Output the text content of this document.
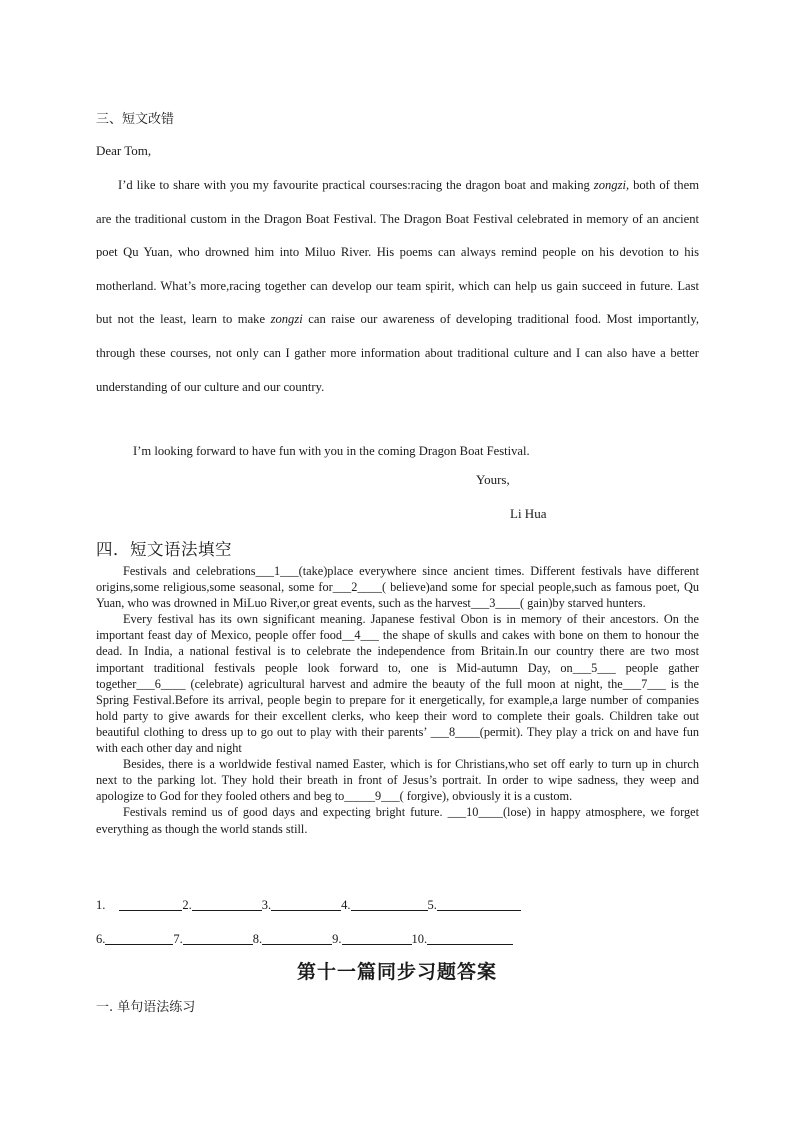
三、短文改错
Dear Tom,
I’d like to share with you my favourite practical courses:racing the dragon boat and making zongzi, both of them are the traditional custom in the Dragon Boat Festival. The Dragon Boat Festival celebrated in memory of an ancient poet Qu Yuan, who drowned him into Miluo River. His poems can always remind people on his devotion to his motherland. What’s more,racing together can develop our team spirit, which can help us gain succeed in future. Last but not the least, learn to make zongzi can raise our awareness of developing traditional food. Most importantly, through these courses, not only can I gather more information about traditional culture and I can also have a better understanding of our culture and our country.
I’m looking forward to have fun with you in the coming Dragon Boat Festival.
Yours,
Li Hua
四．短文语法填空

Festivals and celebrations___1___(take)place everywhere since ancient times. Different festivals have different origins,some religious,some seasonal, some for___2____( believe)and some for special people,such as famous poet, Qu Yuan, who was drowned in MiLuo River,or great events, such as the harvest___3____( gain)by starved hunters.

Every festival has its own significant meaning. Japanese festival Obon is in memory of their ancestors. On the important feast day of Mexico, people offer food__4___ the shape of skulls and cakes with bone on them to honour the dead. In India, a national festival is to celebrate the independence from Britain.In our country there are two most important traditional festivals people look forward to, one is Mid-autumn Day, on___5___ people gather together___6____ (celebrate) agricultural harvest and admire the beauty of the full moon at night, the___7___ is the Spring Festival.Before its arrival, people begin to prepare for it energetically, for example,a large number of companies hold party to give awards for their excellent clerks, who keep their word to complete their goals. Children take out beautiful clothing to dress up to go out to play with their parents’ ___8____(permit). They play a trick on and have fun with each other day and night

Besides, there is a worldwide festival named Easter, which is for Christians,who set off early to turn up in church next to the parking lot. They hold their breath in front of Jesus’s portrait. In order to wipe sadness, they weep and apologize to God for they fooled others and beg to_____9___( forgive), obviously it is a custom.

Festivals remind us of good days and expecting bright future. ___10____(lose) in happy atmosphere, we forget everything as though the world stands still.

1.	2.	3.	4.	5.
6.	7.	8.	9.	10.
第十一篇同步习题答案
一. 单句语法练习
